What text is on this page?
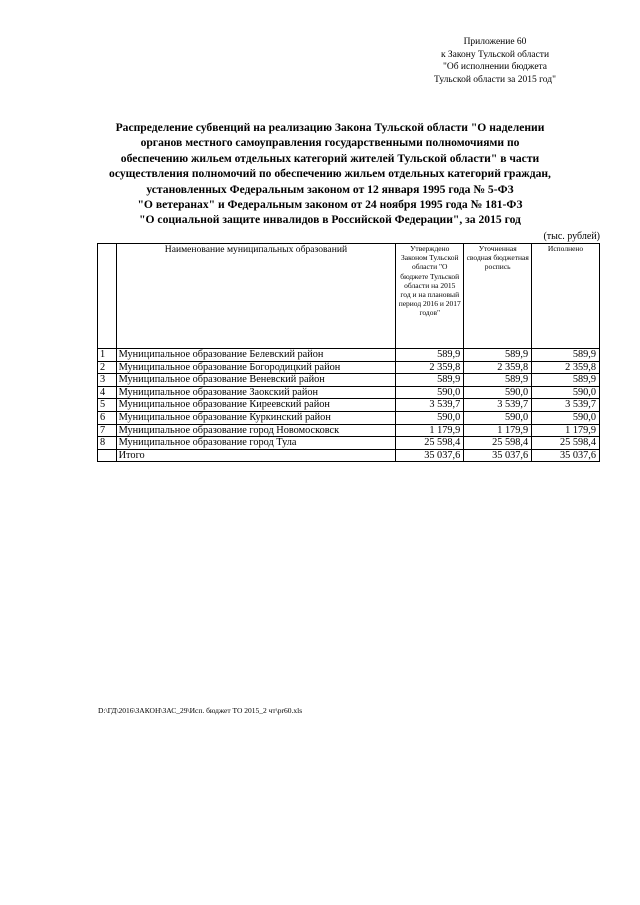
Приложение 60
к Закону Тульской области
"Об исполнении бюджета
Тульской области за 2015 год"
Распределение субвенций на реализацию Закона Тульской области "О наделении
органов местного самоуправления государственными полномочиями по
обеспечению жильем отдельных категорий жителей Тульской области" в части
осуществления полномочий по обеспечению жильем отдельных категорий граждан,
установленных Федеральным законом от 12 января 1995 года № 5-ФЗ
"О ветеранах" и Федеральным законом от 24 ноября 1995 года № 181-ФЗ
"О социальной защите инвалидов в Российской Федерации", за 2015 год
(тыс. рублей)
	Наименование муниципальных образований	Утверждено Законом Тульской области "О бюджете Тульской области на 2015 год и на плановый период 2016 и 2017 годов"	Уточненная сводная бюджетная роспись	Исполнено
1	Муниципальное образование Белевский район	589,9	589,9	589,9
2	Муниципальное образование Богородицкий район	2 359,8	2 359,8	2 359,8
3	Муниципальное образование Веневский район	589,9	589,9	589,9
4	Муниципальное образование Заокский район	590,0	590,0	590,0
5	Муниципальное образование Киреевский район	3 539,7	3 539,7	3 539,7
6	Муниципальное образование Куркинский район	590,0	590,0	590,0
7	Муниципальное образование город Новомосковск	1 179,9	1 179,9	1 179,9
8	Муниципальное образование город Тула	25 598,4	25 598,4	25 598,4
	Итого	35 037,6	35 037,6	35 037,6
D:\ГД\2016\ЗАКОН\ЗАС_29\Исп. бюджет ТО 2015_2 чт\pr60.xls
